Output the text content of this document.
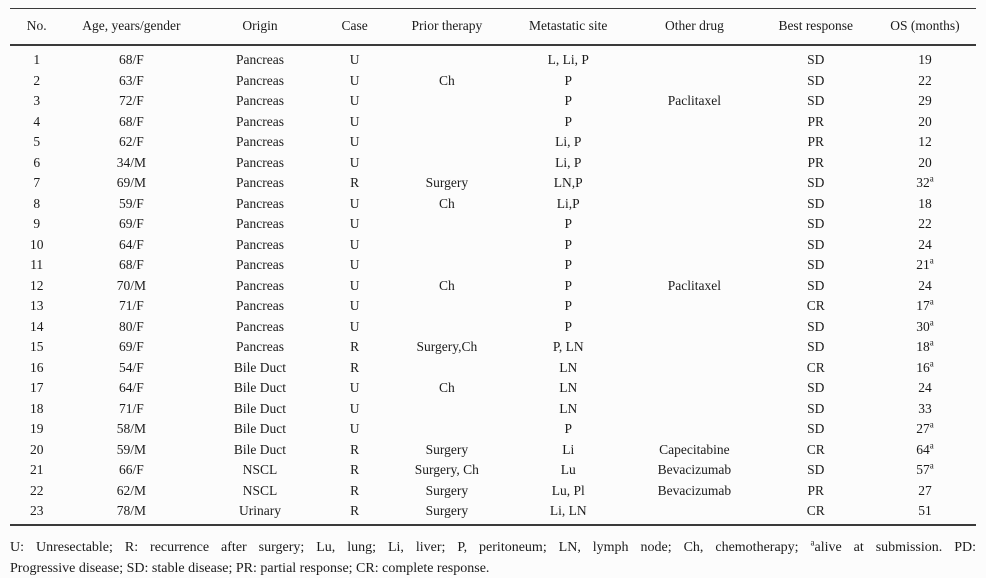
No.	Age, years/gender	Origin	Case	Prior therapy	Metastatic site	Other drug	Best response	OS (months)
1	68/F	Pancreas	U		L, Li, P		SD	19
2	63/F	Pancreas	U	Ch	P		SD	22
3	72/F	Pancreas	U		P	Paclitaxel	SD	29
4	68/F	Pancreas	U		P		PR	20
5	62/F	Pancreas	U		Li, P		PR	12
6	34/M	Pancreas	U		Li, P		PR	20
7	69/M	Pancreas	R	Surgery	LN,P		SD	32$^a$
8	59/F	Pancreas	U	Ch	Li,P		SD	18
9	69/F	Pancreas	U		P		SD	22
10	64/F	Pancreas	U		P		SD	24
11	68/F	Pancreas	U		P		SD	21$^a$
12	70/M	Pancreas	U	Ch	P	Paclitaxel	SD	24
13	71/F	Pancreas	U		P		CR	17$^a$
14	80/F	Pancreas	U		P		SD	30$^a$
15	69/F	Pancreas	R	Surgery,Ch	P, LN		SD	18$^a$
16	54/F	Bile Duct	R		LN		CR	16$^a$
17	64/F	Bile Duct	U	Ch	LN		SD	24
18	71/F	Bile Duct	U		LN		SD	33
19	58/M	Bile Duct	U		P		SD	27$^a$
20	59/M	Bile Duct	R	Surgery	Li	Capecitabine	CR	64$^a$
21	66/F	NSCL	R	Surgery, Ch	Lu	Bevacizumab	SD	57$^a$
22	62/M	NSCL	R	Surgery	Lu, Pl	Bevacizumab	PR	27
23	78/M	Urinary	R	Surgery	Li, LN		CR	51
U: Unresectable; R: recurrence after surgery; Lu, lung; Li, liver; P, peritoneum; LN, lymph node; Ch, chemotherapy; $^a$alive at submission. PD:
Progressive disease; SD: stable disease; PR: partial response; CR: complete response.
